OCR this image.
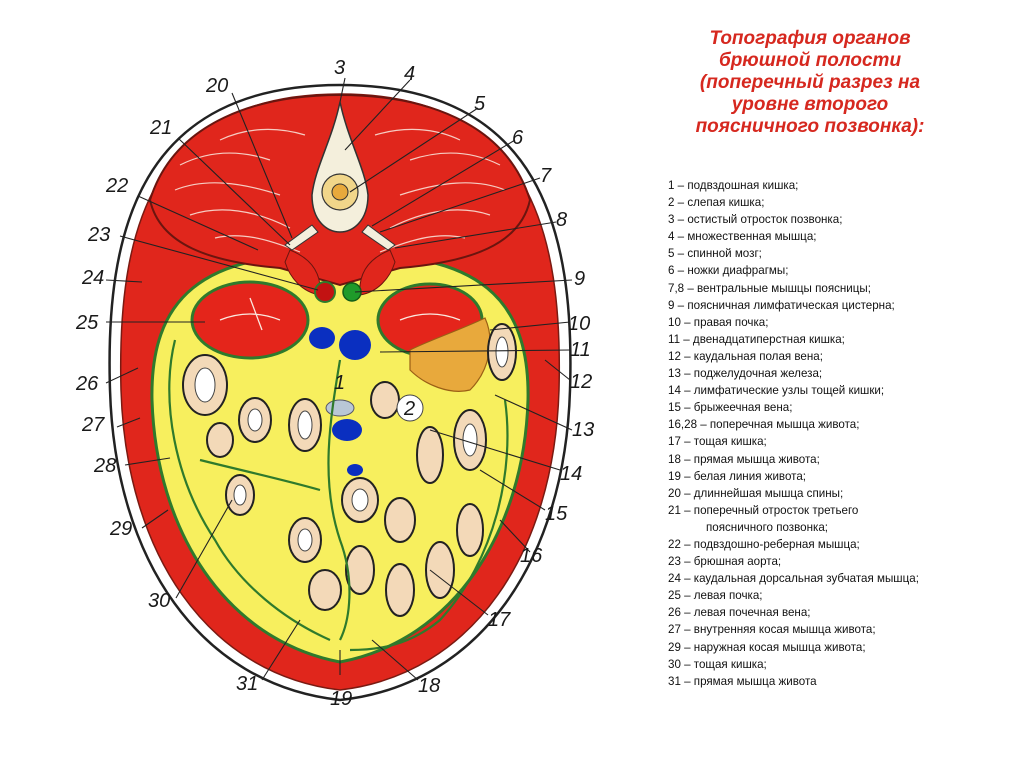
3	4
5
6
7
8
9
10
11
12
13
14
15
16
17
18
19
20
21
22
23
24
25
26
27
28
29
30
31
1
2
Топография органов
брюшной полости
(поперечный разрез на
уровне второго
поясничного позвонка):
1 – подвздошная кишка;
2 – слепая кишка;
3 – остистый отросток позвонка;
4 – множественная мышца;
5 – спинной мозг;
6 – ножки диафрагмы;
7,8 – вентральные мышцы поясницы;
9 – поясничная лимфатическая цистерна;
10 – правая почка;
11 – двенадцатиперстная кишка;
12 – каудальная полая вена;
13 – поджелудочная железа;
14 – лимфатические узлы тощей кишки;
15 – брыжеечная вена;
16,28 – поперечная мышца живота;
17 – тощая кишка;
18 – прямая мышца живота;
19 – белая линия живота;
20 – длиннейшая мышца спины;
21 – поперечный отросток третьего
поясничного позвонка;
22 – подвздошно-реберная мышца;
23 – брюшная аорта;
24 – каудальная дорсальная зубчатая мышца;
25 – левая почка;
26 – левая почечная вена;
27 – внутренняя косая мышца живота;
29 – наружная косая мышца живота;
30 – тощая кишка;
31 – прямая мышца живота
